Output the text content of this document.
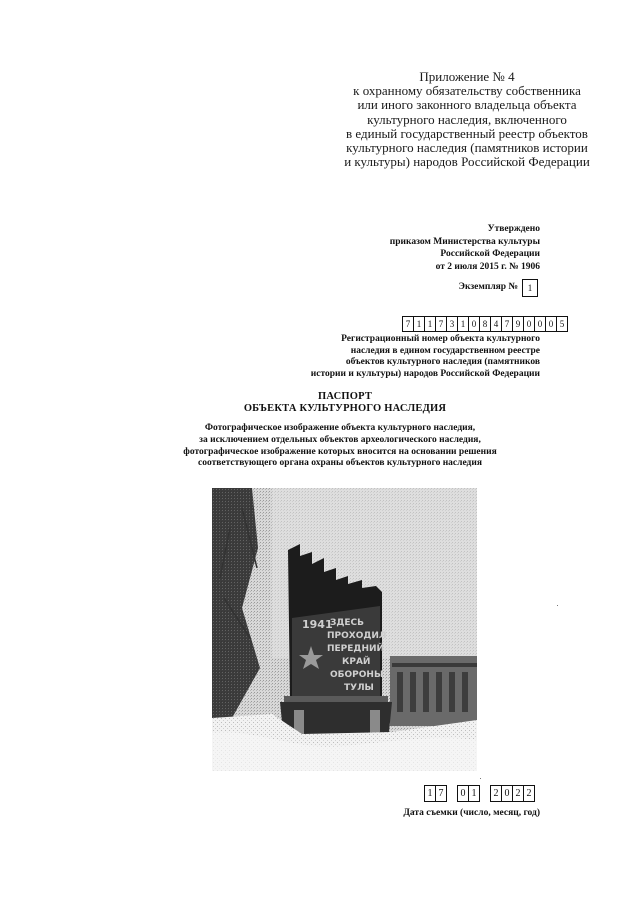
Приложение № 4
к охранному обязательству собственника
или иного законного владельца объекта
культурного наследия, включенного
в единый государственный реестр объектов
культурного наследия (памятников истории
и культуры) народов Российской Федерации
Утверждено
приказом Министерства культуры
Российской Федерации
от 2 июля 2015 г. № 1906
Экземпляр №	1
7 1 1 7 3 1 0 8 4 7 9 0 0 0 5
Регистрационный номер объекта культурного
наследия в едином государственном реестре
объектов культурного наследия (памятников
истории и культуры) народов Российской Федерации
ПАСПОРТ
ОБЪЕКТА КУЛЬТУРНОГО НАСЛЕДИЯ
Фотографическое изображение объекта культурного наследия,
за исключением отдельных объектов археологического наследия,
фотографическое изображение которых вносится на основании решения
соответствующего органа охраны объектов культурного наследия
1941
ЗДЕСЬ
ПРОХОДИЛ
ПЕРЕДНИЙ
КРАЙ
ОБОРОНЫ
ТУЛЫ
1 7	0 1	2 0 2 2
Дата съемки (число, месяц, год)
